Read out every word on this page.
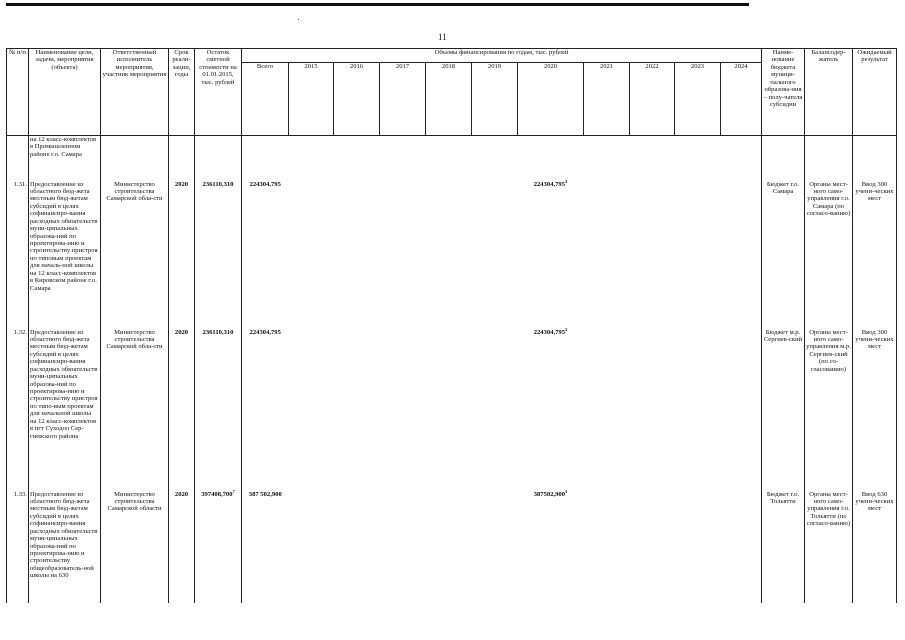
11
№ п/п	Наименование цели, задачи, мероприятия (объекта)	Ответственный исполнитель мероприятия, участник мероприятия	Срок реали-зации, годы	Остаток сметной стоимости на 01.01.2015, тыс. рублей	Объемы финансирования по годам, тыс. рублей											Наиме-нование бюджета муници-пального образова-ния – полу-чателя субсидии	Балансодер-жатель	Ожидаемый результат
					Всего	2015	2016	2017	2018	2019	2020	2021	2022	2023	2024			
	на 12 класс-комплектов в Промышленном районе г.о. Самара																	
1.31.	Предоставление из областного бюд-жета местным бюд-жетам субсидий в целях софинансиро-вания расходных обязательств муни-ципальных образова-ний по проектирова-нию и строительству пристроя по типовым проектам для началь-ной школы на 12 класс-комплектов в Кировском районе г.о. Самара	Министерство строительства Самарской обла-сти	2020	236110,310	224304,795						224304,795$^3$					Бюджет г.о. Самара	Органы мест-ного само-управления г.о. Самара (по согласо-ванию)	Ввод 300 учени-ческих мест
1.32.	Предоставление из областного бюд-жета местным бюд-жетам субсидий в целях софинансиро-вания расходных обязательств муни-ципальных образова-ний по проектирова-нию и строительству пристроя по типо-вым проектам для начальной школы на 12 класс-комплектов в пгт Суходол Сер-гиевского района	Министерство строительства Самарской обла-сти	2020	236110,310	224304,795						224304,795$^3$					Бюджет м.р. Сергиев-ский	Органы мест-ного само-управления м.р. Сергиев-ский (по со-гласованию)	Ввод 300 учени-ческих мест
1.33.	Предоставление из областного бюд-жета местным бюд-жетам субсидий в целях софинансиро-вания расходных обязательств муни-ципальных образова-ний по проектирова-нию и строительству общеобразователь-ной школы на 630	Министерство строительства Самарской области	2020	397408,700$^7$	387 502,900						387502,900$^3$					Бюджет г.о. Тольятти	Органы мест-ного само-управления г.о. Тольятти (по согласо-ванию)	Ввод 630 учени-ческих мест
